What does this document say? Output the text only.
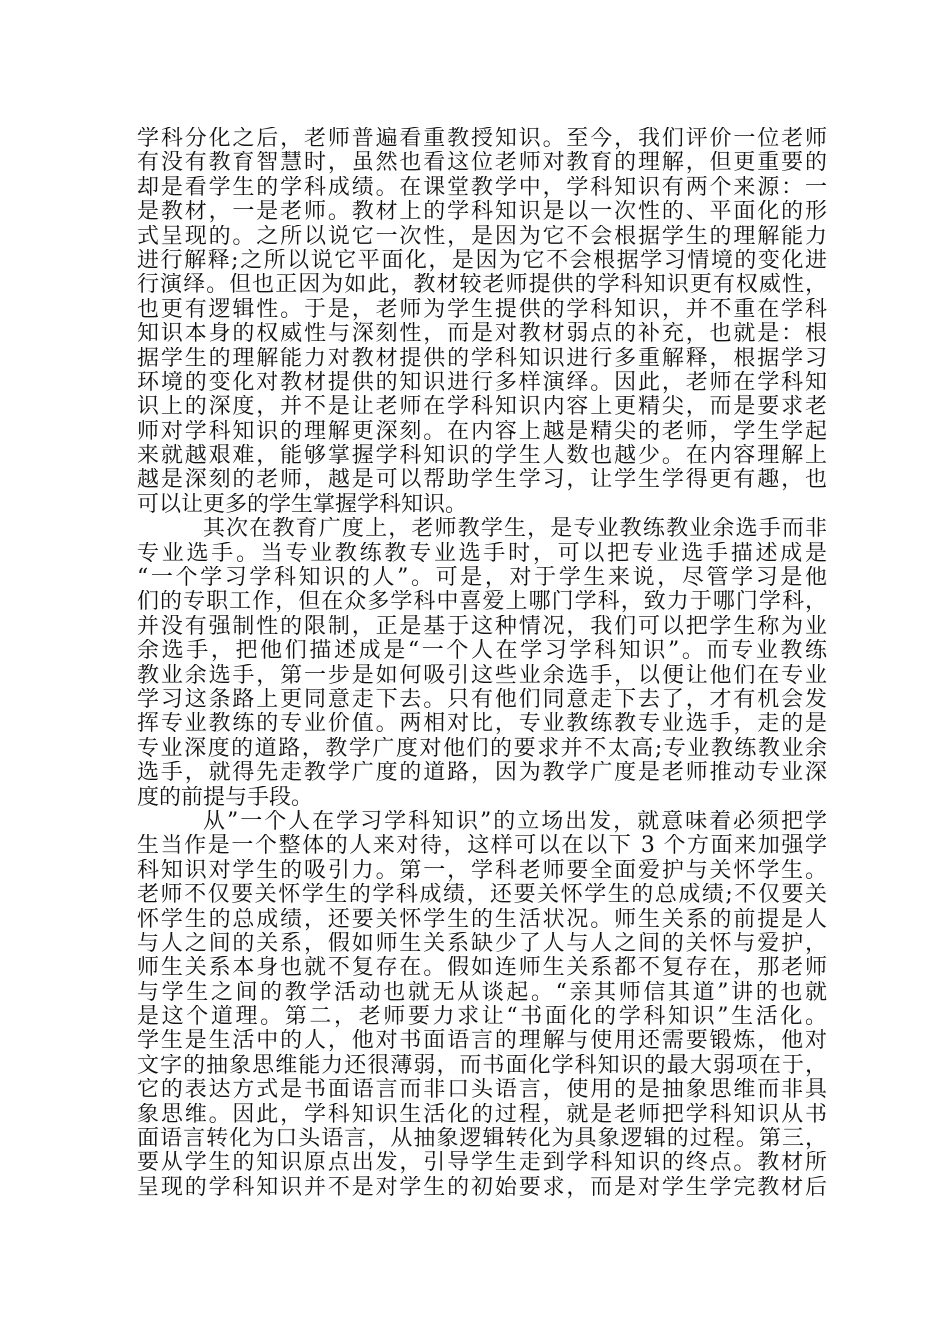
学科分化之后，老师普遍看重教授知识。至今，我们评价一位老师
有没有教育智慧时，虽然也看这位老师对教育的理解，但更重要的
却是看学生的学科成绩。在课堂教学中，学科知识有两个来源：一
是教材，一是老师。教材上的学科知识是以一次性的、平面化的形
式呈现的。之所以说它一次性，是因为它不会根据学生的理解能力
进行解释;之所以说它平面化，是因为它不会根据学习情境的变化进
行演绎。但也正因为如此，教材较老师提供的学科知识更有权威性，
也更有逻辑性。于是，老师为学生提供的学科知识，并不重在学科
知识本身的权威性与深刻性，而是对教材弱点的补充，也就是：根
据学生的理解能力对教材提供的学科知识进行多重解释，根据学习
环境的变化对教材提供的知识进行多样演绎。因此，老师在学科知
识上的深度，并不是让老师在学科知识内容上更精尖，而是要求老
师对学科知识的理解更深刻。在内容上越是精尖的老师，学生学起
来就越艰难，能够掌握学科知识的学生人数也越少。在内容理解上
越是深刻的老师，越是可以帮助学生学习，让学生学得更有趣，也
可以让更多的学生掌握学科知识。
其次在教育广度上，老师教学生，是专业教练教业余选手而非
专业选手。当专业教练教专业选手时，可以把专业选手描述成是
“一个学习学科知识的人”。可是，对于学生来说，尽管学习是他
们的专职工作，但在众多学科中喜爱上哪门学科，致力于哪门学科，
并没有强制性的限制，正是基于这种情况，我们可以把学生称为业
余选手，把他们描述成是“一个人在学习学科知识”。而专业教练
教业余选手，第一步是如何吸引这些业余选手，以便让他们在专业
学习这条路上更同意走下去。只有他们同意走下去了，才有机会发
挥专业教练的专业价值。两相对比，专业教练教专业选手，走的是
专业深度的道路，教学广度对他们的要求并不太高;专业教练教业余
选手，就得先走教学广度的道路，因为教学广度是老师推动专业深
度的前提与手段。
从”一个人在学习学科知识”的立场出发，就意味着必须把学
生当作是一个整体的人来对待，这样可以在以下 3 个方面来加强学
科知识对学生的吸引力。第一，学科老师要全面爱护与关怀学生。
老师不仅要关怀学生的学科成绩，还要关怀学生的总成绩;不仅要关
怀学生的总成绩，还要关怀学生的生活状况。师生关系的前提是人
与人之间的关系，假如师生关系缺少了人与人之间的关怀与爱护，
师生关系本身也就不复存在。假如连师生关系都不复存在，那老师
与学生之间的教学活动也就无从谈起。“亲其师信其道”讲的也就
是这个道理。第二，老师要力求让“书面化的学科知识”生活化。
学生是生活中的人，他对书面语言的理解与使用还需要锻炼，他对
文字的抽象思维能力还很薄弱，而书面化学科知识的最大弱项在于，
它的表达方式是书面语言而非口头语言，使用的是抽象思维而非具
象思维。因此，学科知识生活化的过程，就是老师把学科知识从书
面语言转化为口头语言，从抽象逻辑转化为具象逻辑的过程。第三，
要从学生的知识原点出发，引导学生走到学科知识的终点。教材所
呈现的学科知识并不是对学生的初始要求，而是对学生学完教材后
